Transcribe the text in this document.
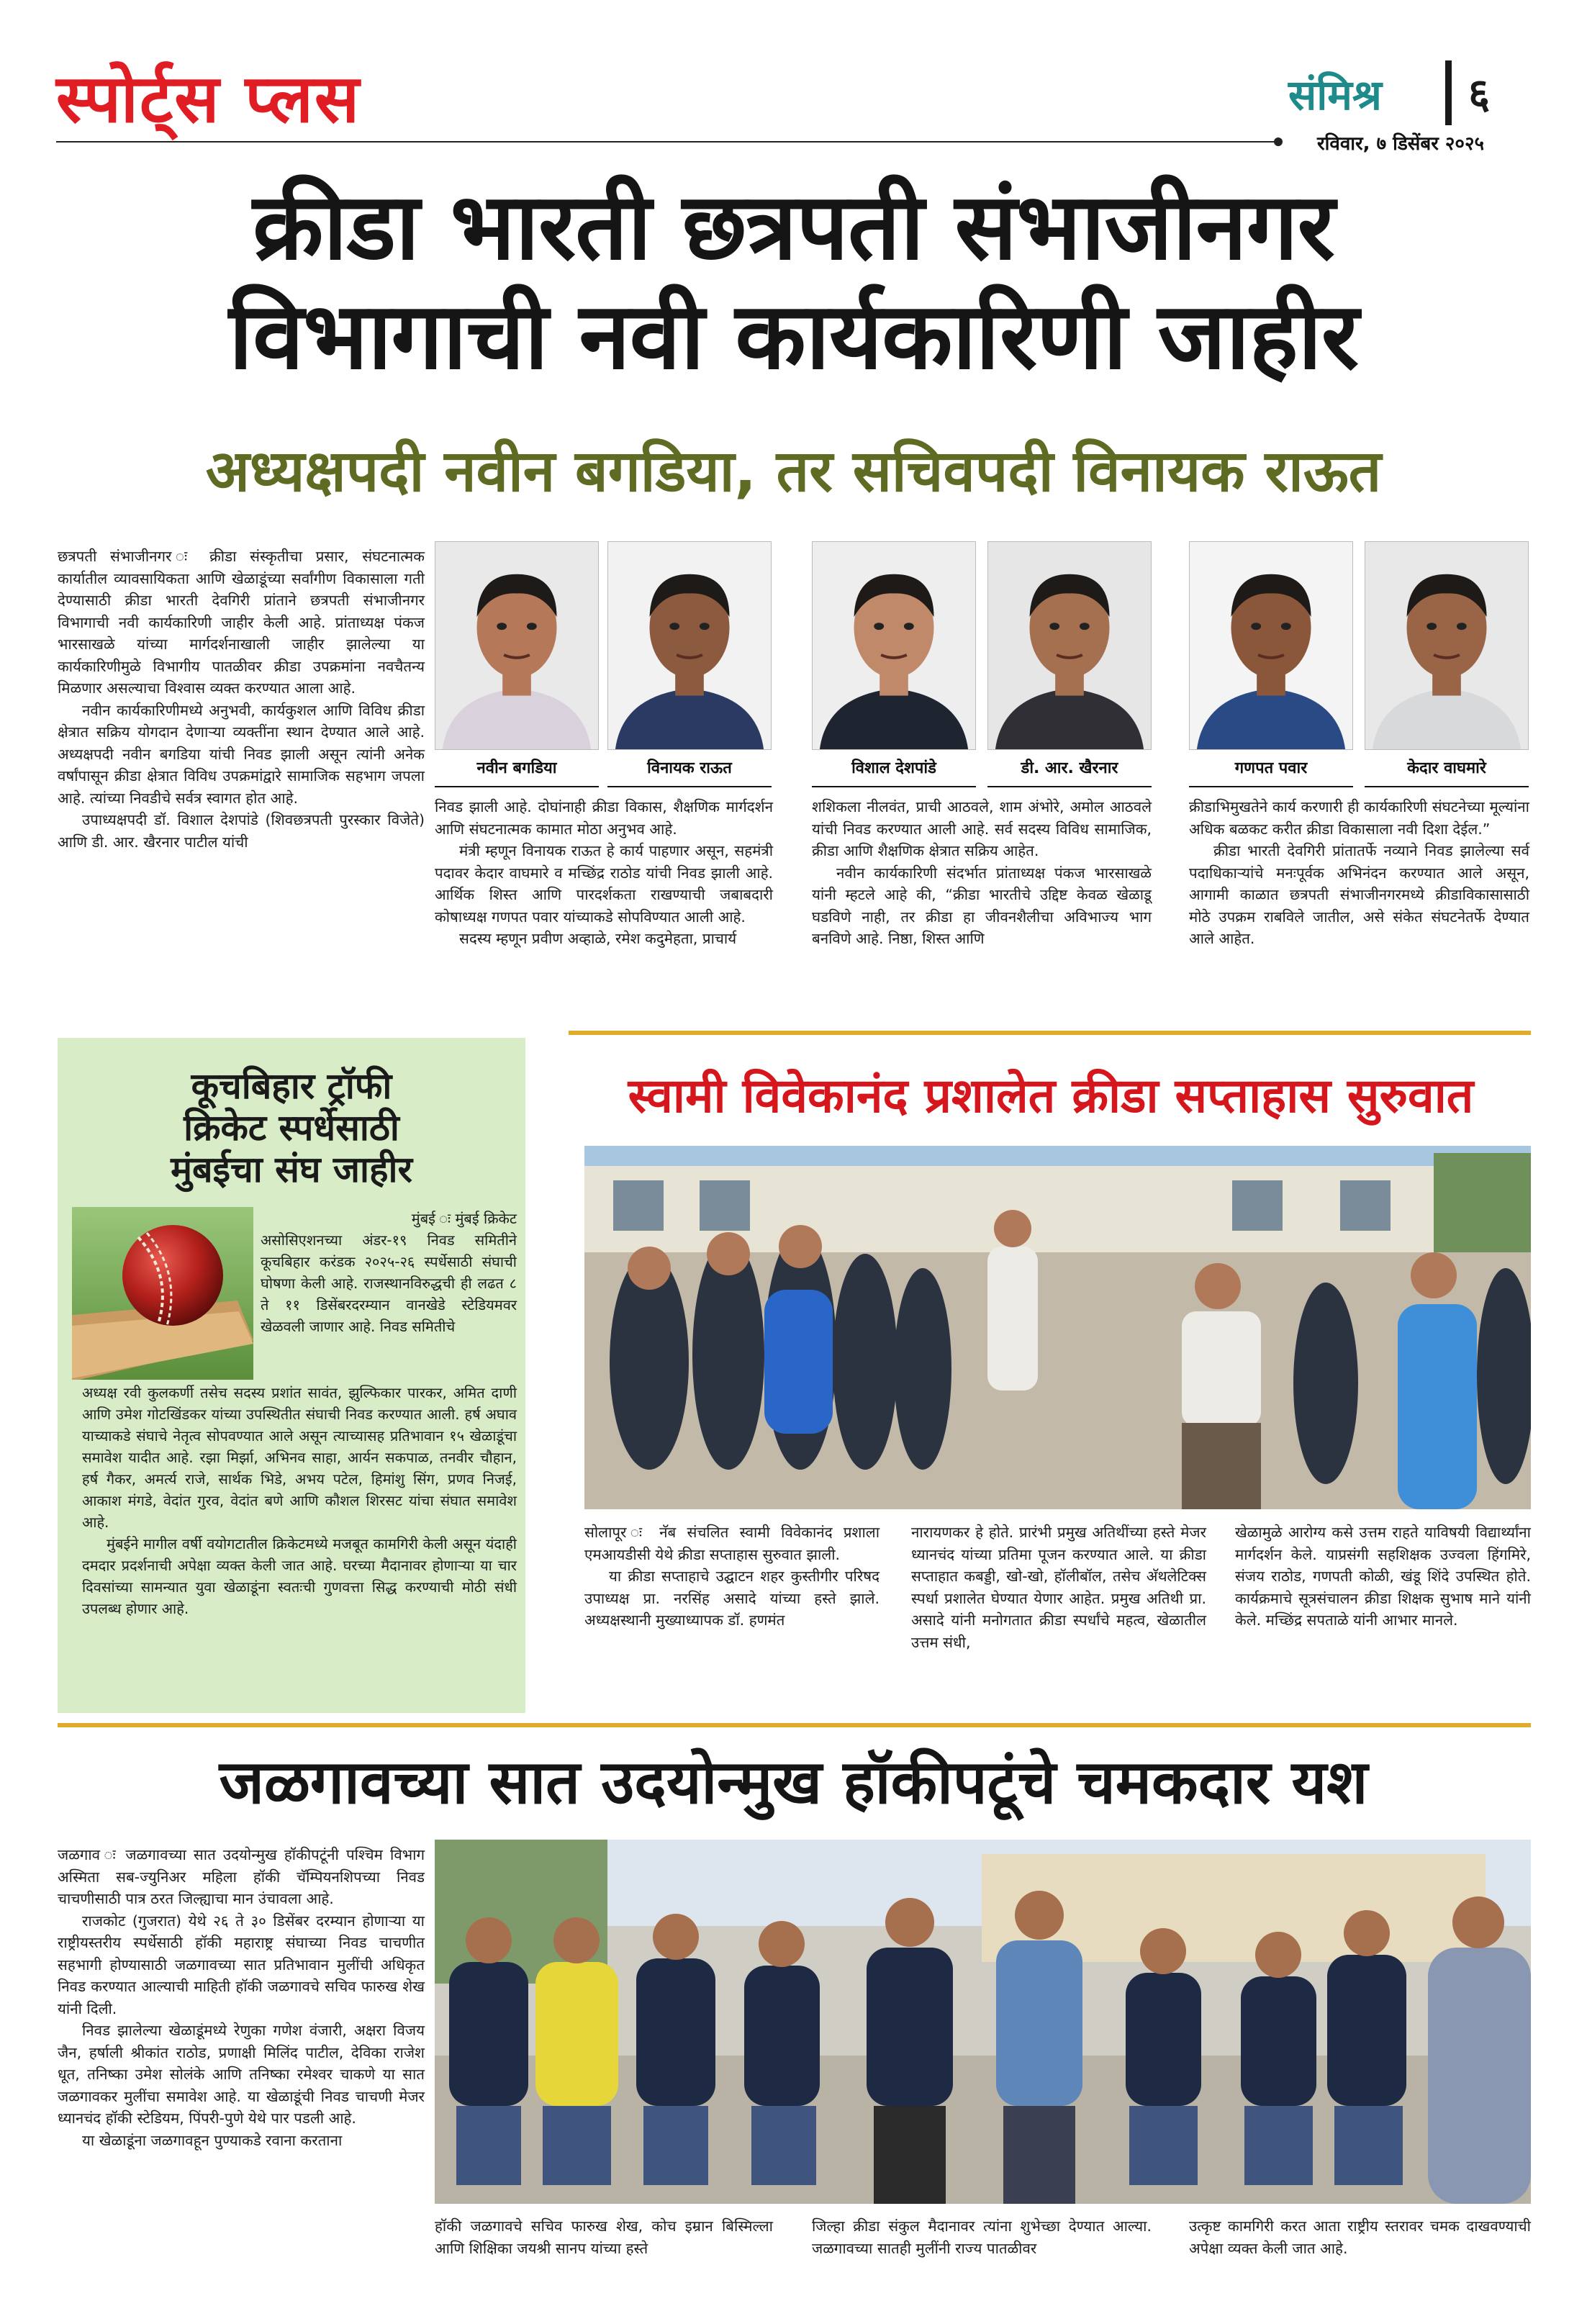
स्पोर्ट्स प्लस	संमिश्र ६
रविवार, ७ डिसेंबर २०२५
क्रीडा भारती छत्रपती संभाजीनगर
विभागाची नवी कार्यकारिणी जाहीर
अध्यक्षपदी नवीन बगडिया, तर सचिवपदी विनायक राऊत

छत्रपती संभाजीनगर ः क्रीडा संस्कृतीचा प्रसार, संघटनात्मक कार्यातील व्यावसायिकता आणि खेळाडूंच्या सर्वांगीण विकासाला गती देण्यासाठी क्रीडा भारती देवगिरी प्रांताने छत्रपती संभाजीनगर विभागाची नवी कार्यकारिणी जाहीर केली आहे. प्रांताध्यक्ष पंकज भारसाखळे यांच्या मार्गदर्शनाखाली जाहीर झालेल्या या कार्यकारिणीमुळे विभागीय पातळीवर क्रीडा उपक्रमांना नवचैतन्य मिळणार असल्याचा विश्वास व्यक्त करण्यात आला आहे.

नवीन कार्यकारिणीमध्ये अनुभवी, कार्यकुशल आणि विविध क्रीडा क्षेत्रात सक्रिय योगदान देणाऱ्या व्यक्तींना स्थान देण्यात आले आहे. अध्यक्षपदी नवीन बगडिया यांची निवड झाली असून त्यांनी अनेक वर्षांपासून क्रीडा क्षेत्रात विविध उपक्रमांद्वारे सामाजिक सहभाग जपला आहे. त्यांच्या निवडीचे सर्वत्र स्वागत होत आहे.

उपाध्यक्षपदी डॉ. विशाल देशपांडे (शिवछत्रपती पुरस्कार विजेते) आणि डी. आर. खैरनार पाटील यांची

नवीन बगडिया	विनायक राऊत	विशाल देशपांडे	डी. आर. खैरनार	गणपत पवार	केदार वाघमारे

निवड झाली आहे. दोघांनाही क्रीडा विकास, शैक्षणिक मार्गदर्शन आणि संघटनात्मक कामात मोठा अनुभव आहे.

मंत्री म्हणून विनायक राऊत हे कार्य पाहणार असून, सहमंत्री पदावर केदार वाघमारे व मच्छिंद्र राठोड यांची निवड झाली आहे. आर्थिक शिस्त आणि पारदर्शकता राखण्याची जबाबदारी कोषाध्यक्ष गणपत पवार यांच्याकडे सोपविण्यात आली आहे.

सदस्य म्हणून प्रवीण अव्हाळे, रमेश कदुमेहता, प्राचार्य

शशिकला नीलवंत, प्राची आठवले, शाम अंभोरे, अमोल आठवले यांची निवड करण्यात आली आहे. सर्व सदस्य विविध सामाजिक, क्रीडा आणि शैक्षणिक क्षेत्रात सक्रिय आहेत.

नवीन कार्यकारिणी संदर्भात प्रांताध्यक्ष पंकज भारसाखळे यांनी म्हटले आहे की, “क्रीडा भारतीचे उद्दिष्ट केवळ खेळाडू घडविणे नाही, तर क्रीडा हा जीवनशैलीचा अविभाज्य भाग बनविणे आहे. निष्ठा, शिस्त आणि

क्रीडाभिमुखतेने कार्य करणारी ही कार्यकारिणी संघटनेच्या मूल्यांना अधिक बळकट करीत क्रीडा विकासाला नवी दिशा देईल.”

क्रीडा भारती देवगिरी प्रांतातर्फे नव्याने निवड झालेल्या सर्व पदाधिकाऱ्यांचे मनःपूर्वक अभिनंदन करण्यात आले असून, आगामी काळात छत्रपती संभाजीनगरमध्ये क्रीडाविकासासाठी मोठे उपक्रम राबविले जातील, असे संकेत संघटनेतर्फे देण्यात आले आहेत.

कूचबिहार ट्रॉफी
क्रिकेट स्पर्धेसाठी
मुंबईचा संघ जाहीर

मुंबई ः मुंबई क्रिकेट

असोसिएशनच्या अंडर-१९ निवड समितीने कूचबिहार करंडक २०२५-२६ स्पर्धेसाठी संघाची घोषणा केली आहे. राजस्थानविरुद्धची ही लढत ८ ते ११ डिसेंबरदरम्यान वानखेडे स्टेडियमवर खेळवली जाणार आहे. निवड समितीचे

अध्यक्ष रवी कुलकर्णी तसेच सदस्य प्रशांत सावंत, झुल्फिकार पारकर, अमित दाणी आणि उमेश गोटखिंडकर यांच्या उपस्थितीत संघाची निवड करण्यात आली. हर्ष अघाव याच्याकडे संघाचे नेतृत्व सोपवण्यात आले असून त्याच्यासह प्रतिभावान १५ खेळाडूंचा समावेश यादीत आहे. रझा मिर्झा, अभिनव साहा, आर्यन सकपाळ, तनवीर चौहान, हर्ष गैकर, अमर्त्य राजे, सार्थक भिडे, अभय पटेल, हिमांशु सिंग, प्रणव निजई, आकाश मंगडे, वेदांत गुरव, वेदांत बणे आणि कौशल शिरसट यांचा संघात समावेश आहे.

मुंबईने मागील वर्षी वयोगटातील क्रिकेटमध्ये मजबूत कामगिरी केली असून यंदाही दमदार प्रदर्शनाची अपेक्षा व्यक्त केली जात आहे. घरच्या मैदानावर होणाऱ्या या चार दिवसांच्या सामन्यात युवा खेळाडूंना स्वतःची गुणवत्ता सिद्ध करण्याची मोठी संधी उपलब्ध होणार आहे.

स्वामी विवेकानंद प्रशालेत क्रीडा सप्ताहास सुरुवात

सोलापूर ः नॅब संचलित स्वामी विवेकानंद प्रशाला एमआयडीसी येथे क्रीडा सप्ताहास सुरुवात झाली.

या क्रीडा सप्ताहाचे उद्घाटन शहर कुस्तीगीर परिषद उपाध्यक्ष प्रा. नरसिंह असादे यांच्या हस्ते झाले. अध्यक्षस्थानी मुख्याध्यापक डॉ. हणमंत

नारायणकर हे होते. प्रारंभी प्रमुख अतिथींच्या हस्ते मेजर ध्यानचंद यांच्या प्रतिमा पूजन करण्यात आले. या क्रीडा सप्ताहात कबड्डी, खो-खो, हॉलीबॉल, तसेच अ‍ॅथलेटिक्स स्पर्धा प्रशालेत घेण्यात येणार आहेत. प्रमुख अतिथी प्रा. असादे यांनी मनोगतात क्रीडा स्पर्धांचे महत्व, खेळातील उत्तम संधी,

खेळामुळे आरोग्य कसे उत्तम राहते याविषयी विद्यार्थ्यांना मार्गदर्शन केले. याप्रसंगी सहशिक्षक उज्वला हिंगमिरे, संजय राठोड, गणपती कोळी, खंडू शिंदे उपस्थित होते. कार्यक्रमाचे सूत्रसंचालन क्रीडा शिक्षक सुभाष माने यांनी केले. मच्छिंद्र सपताळे यांनी आभार मानले.

जळगावच्या सात उदयोन्मुख हॉकीपटूंचे चमकदार यश

जळगाव ः जळगावच्या सात उदयोन्मुख हॉकीपटूंनी पश्चिम विभाग अस्मिता सब-ज्युनिअर महिला हॉकी चॅम्पियनशिपच्या निवड चाचणीसाठी पात्र ठरत जिल्ह्याचा मान उंचावला आहे.

राजकोट (गुजरात) येथे २६ ते ३० डिसेंबर दरम्यान होणाऱ्या या राष्ट्रीयस्तरीय स्पर्धेसाठी हॉकी महाराष्ट्र संघाच्या निवड चाचणीत सहभागी होण्यासाठी जळगावच्या सात प्रतिभावान मुलींची अधिकृत निवड करण्यात आल्याची माहिती हॉकी जळगावचे सचिव फारुख शेख यांनी दिली.

निवड झालेल्या खेळाडूंमध्ये रेणुका गणेश वंजारी, अक्षरा विजय जैन, हर्षाली श्रीकांत राठोड, प्रणाक्षी मिलिंद पाटील, देविका राजेश धूत, तनिष्का उमेश सोलंके आणि तनिष्का रमेश्वर चाकणे या सात जळगावकर मुलींचा समावेश आहे. या खेळाडूंची निवड चाचणी मेजर ध्यानचंद हॉकी स्टेडियम, पिंपरी-पुणे येथे पार पडली आहे.

या खेळाडूंना जळगावहून पुण्याकडे रवाना करताना

हॉकी जळगावचे सचिव फारुख शेख, कोच इम्रान बिस्मिल्ला आणि शिक्षिका जयश्री सानप यांच्या हस्ते

जिल्हा क्रीडा संकुल मैदानावर त्यांना शुभेच्छा देण्यात आल्या. जळगावच्या सातही मुलींनी राज्य पातळीवर

उत्कृष्ट कामगिरी करत आता राष्ट्रीय स्तरावर चमक दाखवण्याची अपेक्षा व्यक्त केली जात आहे.
